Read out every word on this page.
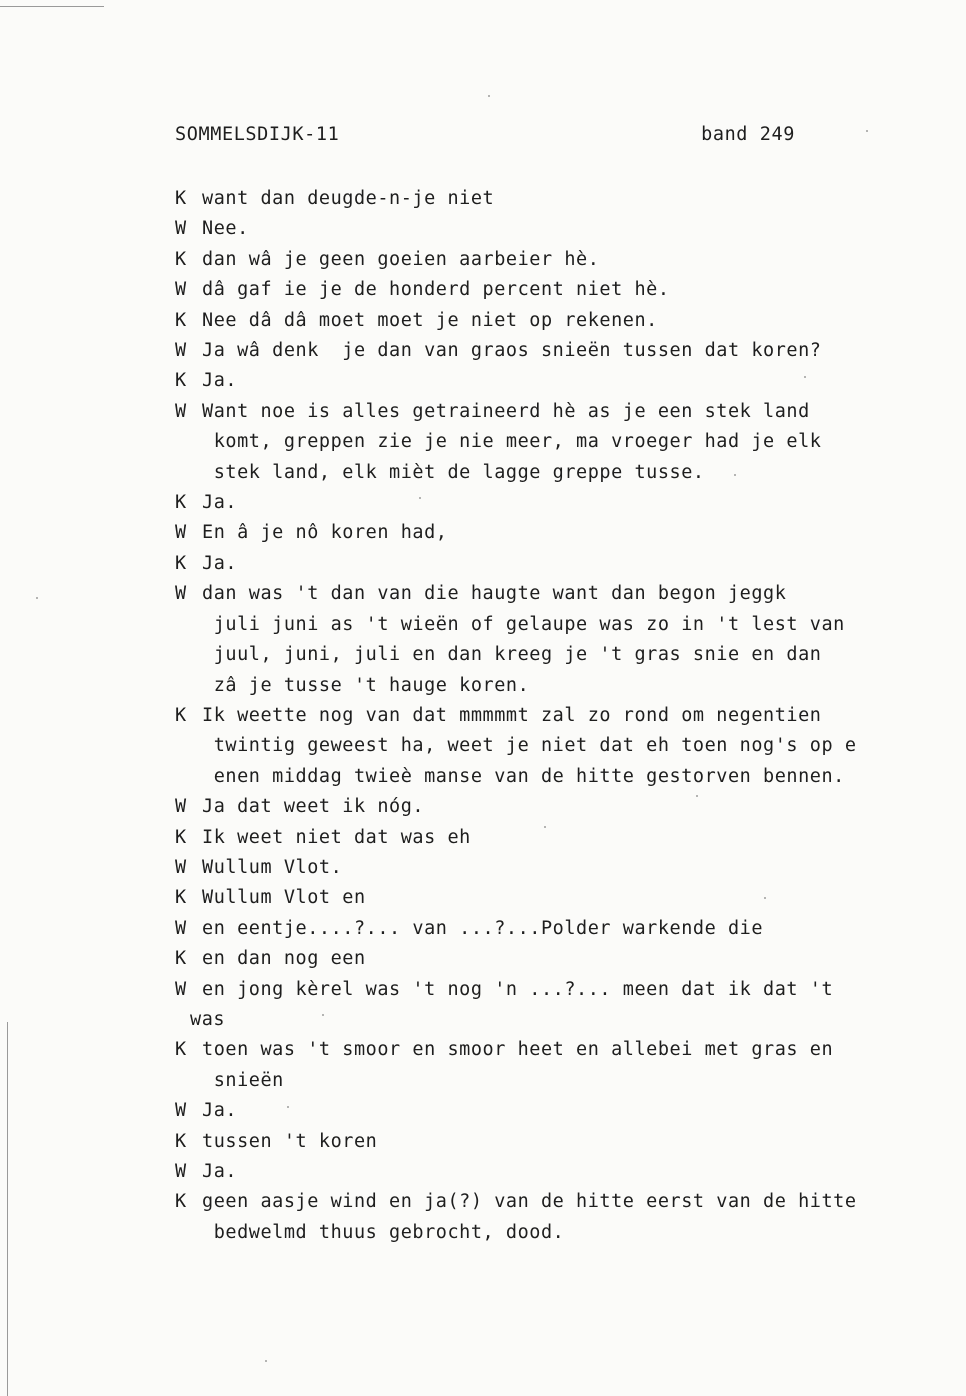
SOMMELSDIJK-11	band 249
K want dan deugde-n-je niet
W Nee.
K dan wâ je geen goeien aarbeier hè.
W dâ gaf ie je de honderd percent niet hè.
K Nee dâ dâ moet moet je niet op rekenen.
W Ja wâ denk  je dan van graos snieën tussen dat koren?
K Ja.
W Want noe is alles getraineerd hè as je een stek land
komt, greppen zie je nie meer, ma vroeger had je elk
stek land, elk mièt de lagge greppe tusse.
K Ja.
W En â je nô koren had,
K Ja.
W dan was 't dan van die haugte want dan begon jeggk
juli juni as 't wieën of gelaupe was zo in 't lest van
juul, juni, juli en dan kreeg je 't gras snie en dan
zâ je tusse 't hauge koren.
K Ik weette nog van dat mmmmmt zal zo rond om negentien
twintig geweest ha, weet je niet dat eh toen nog's op e
enen middag twieè manse van de hitte gestorven bennen.
W Ja dat weet ik nóg.
K Ik weet niet dat was eh
W Wullum Vlot.
K Wullum Vlot en
W en eentje....?... van ...?...Polder warkende die
K en dan nog een
W en jong kèrel was 't nog 'n ...?... meen dat ik dat 't
was
K toen was 't smoor en smoor heet en allebei met gras en
snieën
W Ja.
K tussen 't koren
W Ja.
K geen aasje wind en ja(?) van de hitte eerst van de hitte
bedwelmd thuus gebrocht, dood.
